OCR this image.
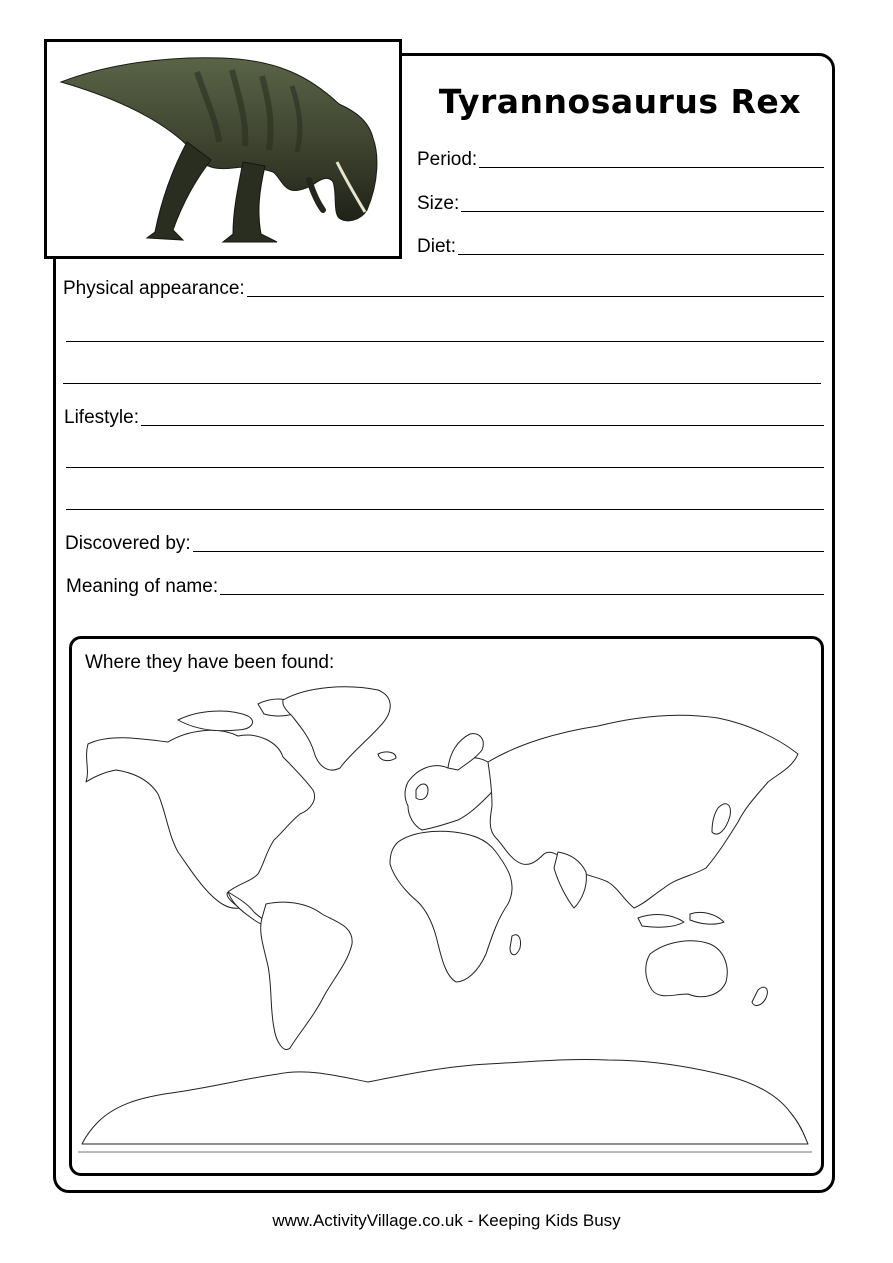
Tyrannosaurus Rex
Period:
Size:
Diet:
Physical appearance:
Lifestyle:
Discovered by:
Meaning of name:
Where they have been found:
www.ActivityVillage.co.uk - Keeping Kids Busy
